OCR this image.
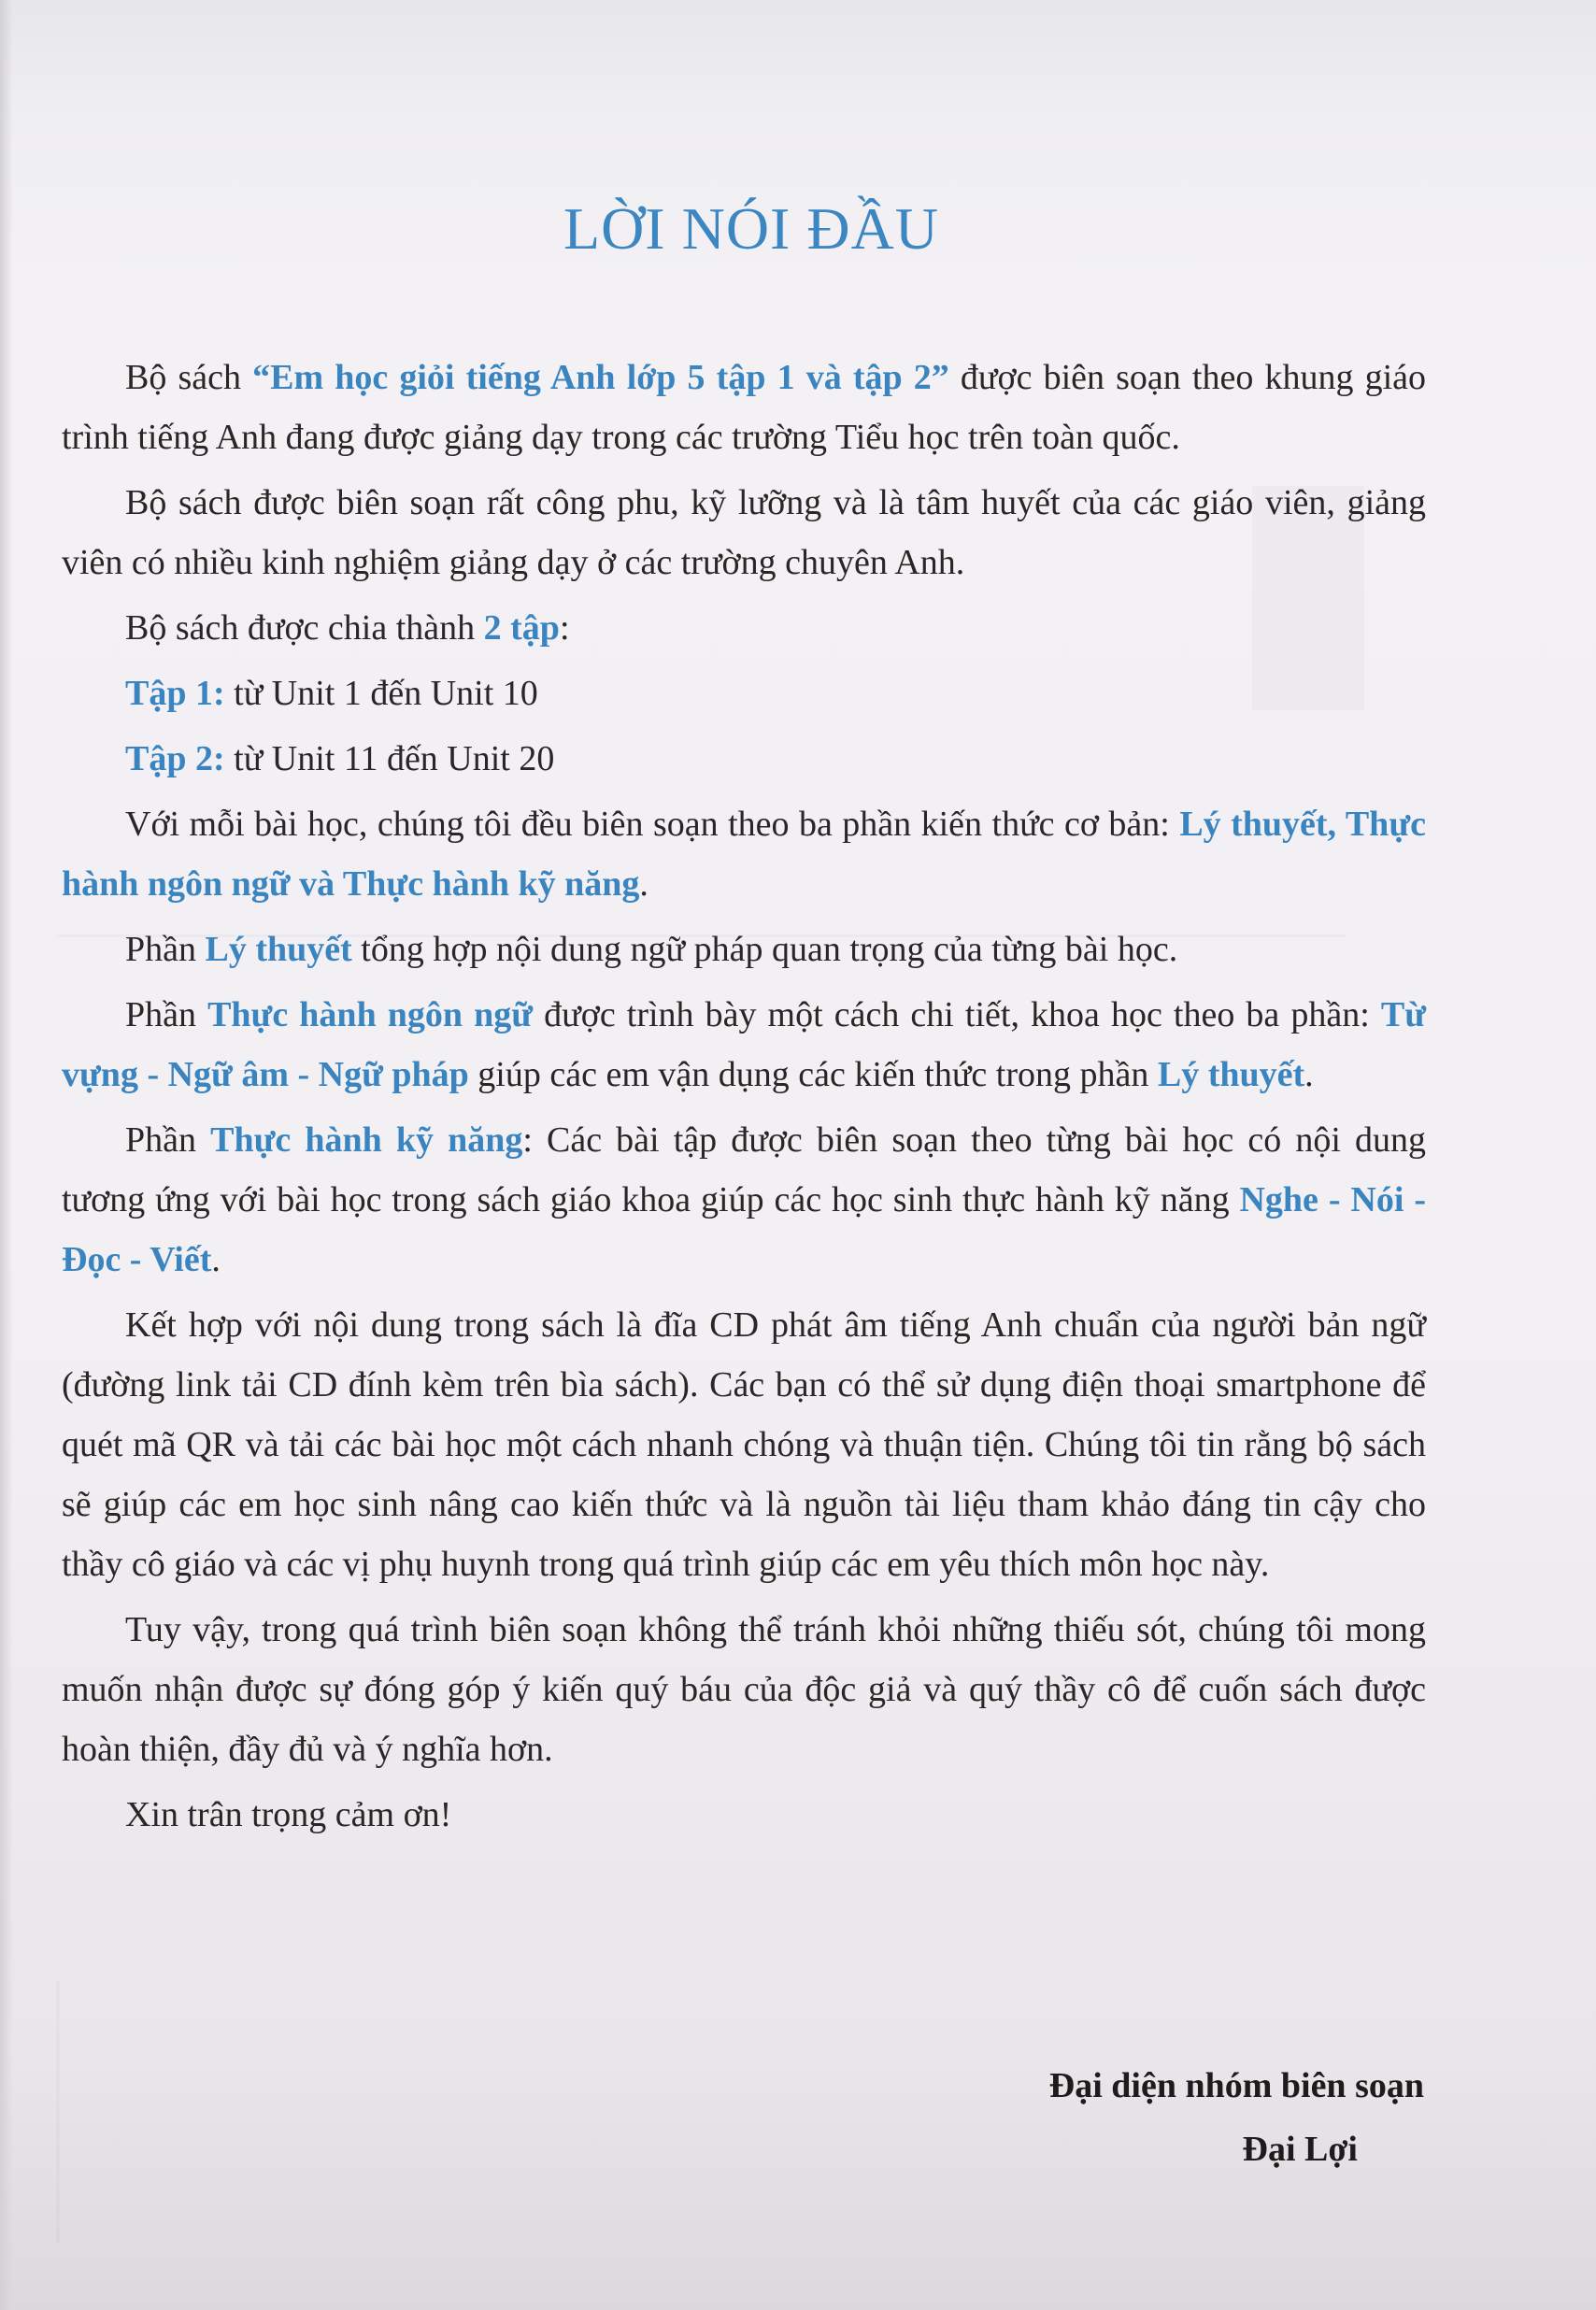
LỜI NÓI ĐẦU

Bộ sách “Em học giỏi tiếng Anh lớp 5 tập 1 và tập 2” được biên soạn theo khung giáo trình tiếng Anh đang được giảng dạy trong các trường Tiểu học trên toàn quốc.

Bộ sách được biên soạn rất công phu, kỹ lưỡng và là tâm huyết của các giáo viên, giảng viên có nhiều kinh nghiệm giảng dạy ở các trường chuyên Anh.

Bộ sách được chia thành 2 tập:

Tập 1: từ Unit 1 đến Unit 10

Tập 2: từ Unit 11 đến Unit 20

Với mỗi bài học, chúng tôi đều biên soạn theo ba phần kiến thức cơ bản: Lý thuyết, Thực hành ngôn ngữ và Thực hành kỹ năng.

Phần Lý thuyết tổng hợp nội dung ngữ pháp quan trọng của từng bài học.

Phần Thực hành ngôn ngữ được trình bày một cách chi tiết, khoa học theo ba phần: Từ vựng - Ngữ âm - Ngữ pháp giúp các em vận dụng các kiến thức trong phần Lý thuyết.

Phần Thực hành kỹ năng: Các bài tập được biên soạn theo từng bài học có nội dung tương ứng với bài học trong sách giáo khoa giúp các học sinh thực hành kỹ năng Nghe - Nói - Đọc - Viết.

Kết hợp với nội dung trong sách là đĩa CD phát âm tiếng Anh chuẩn của người bản ngữ (đường link tải CD đính kèm trên bìa sách). Các bạn có thể sử dụng điện thoại smartphone để quét mã QR và tải các bài học một cách nhanh chóng và thuận tiện. Chúng tôi tin rằng bộ sách sẽ giúp các em học sinh nâng cao kiến thức và là nguồn tài liệu tham khảo đáng tin cậy cho thầy cô giáo và các vị phụ huynh trong quá trình giúp các em yêu thích môn học này.

Tuy vậy, trong quá trình biên soạn không thể tránh khỏi những thiếu sót, chúng tôi mong muốn nhận được sự đóng góp ý kiến quý báu của độc giả và quý thầy cô để cuốn sách được hoàn thiện, đầy đủ và ý nghĩa hơn.

Xin trân trọng cảm ơn!

Đại diện nhóm biên soạn
Đại Lợi
